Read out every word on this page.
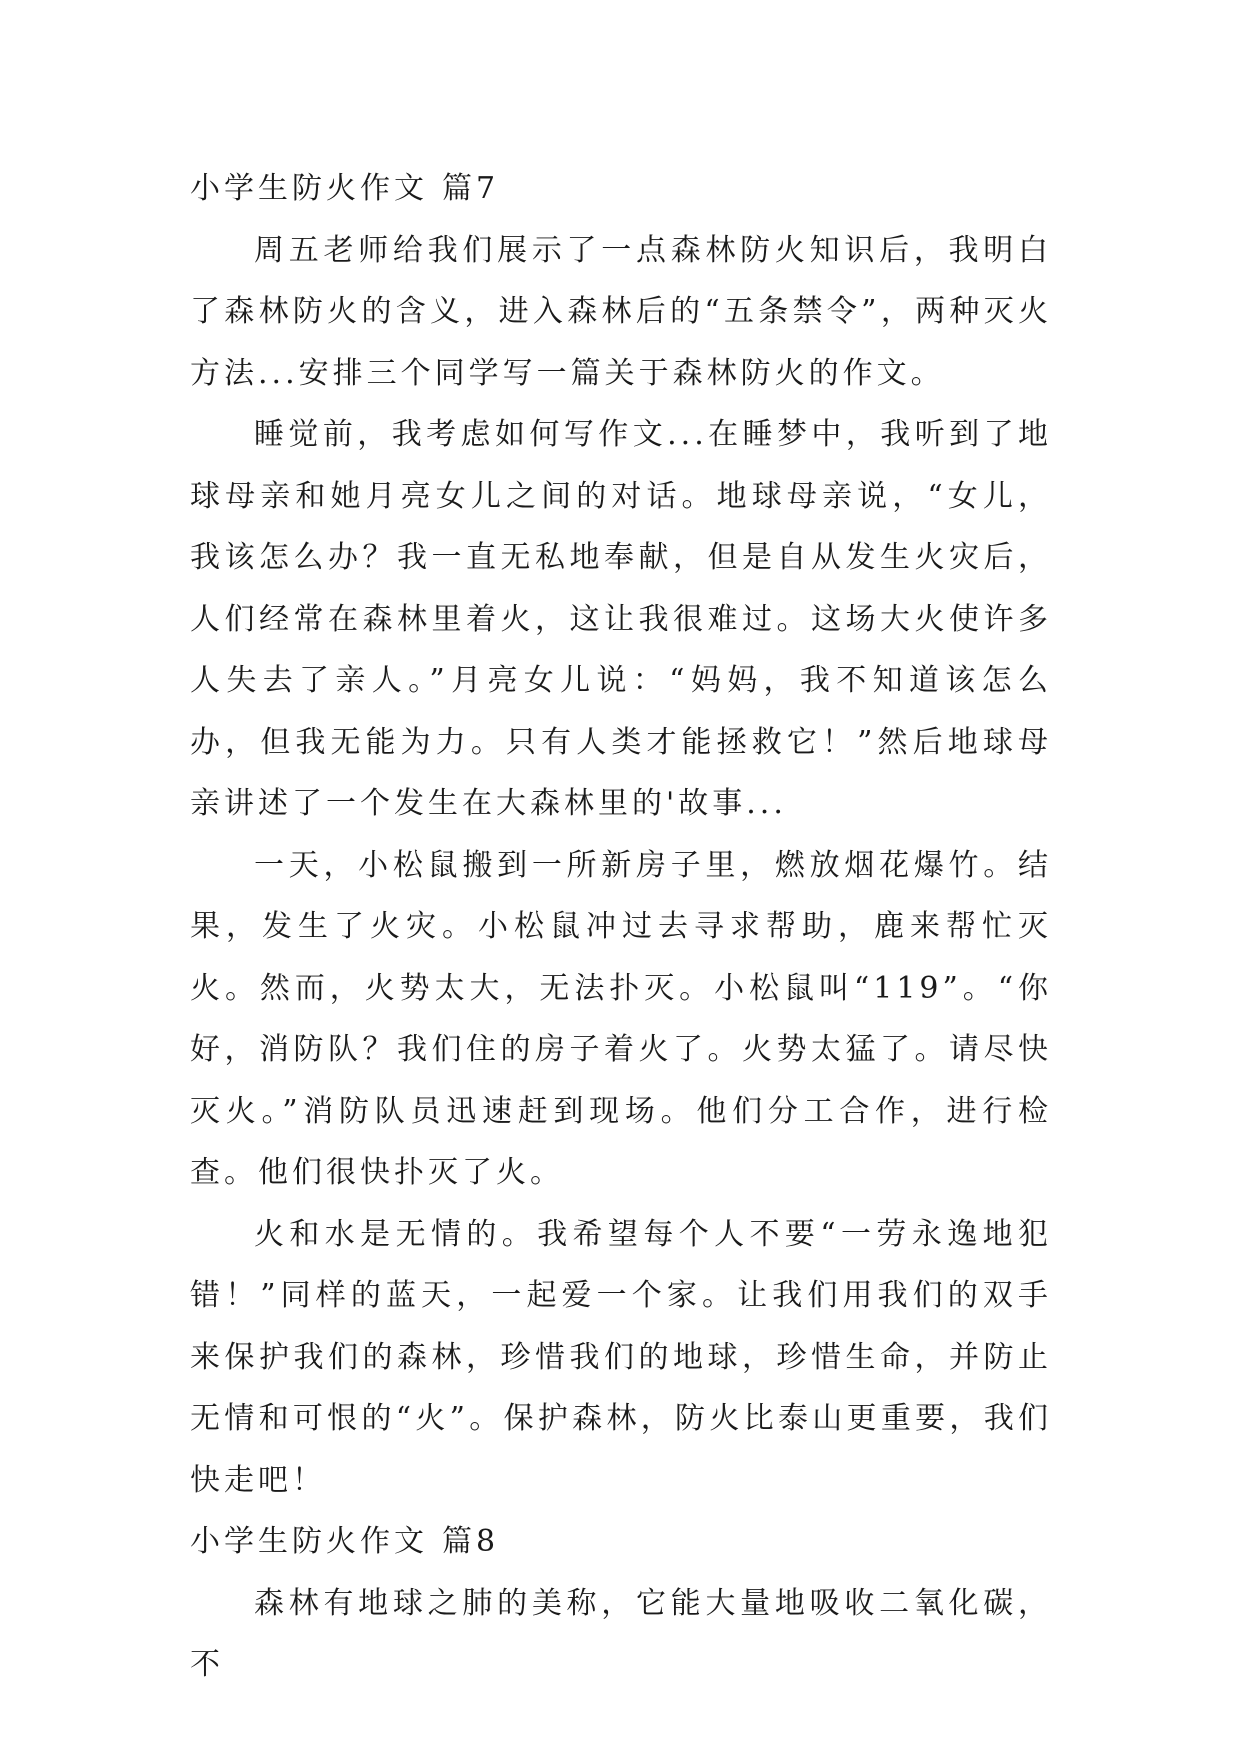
小学生防火作文 篇7

周五老师给我们展示了一点森林防火知识后，我明白了森林防火的含义，进入森林后的“五条禁令”，两种灭火方法...安排三个同学写一篇关于森林防火的作文。

睡觉前，我考虑如何写作文...在睡梦中，我听到了地球母亲和她月亮女儿之间的对话。地球母亲说，“女儿，我该怎么办？我一直无私地奉献，但是自从发生火灾后，人们经常在森林里着火，这让我很难过。这场大火使许多人失去了亲人。”月亮女儿说：“妈妈，我不知道该怎么办，但我无能为力。只有人类才能拯救它！”然后地球母亲讲述了一个发生在大森林里的'故事...

一天，小松鼠搬到一所新房子里，燃放烟花爆竹。结果，发生了火灾。小松鼠冲过去寻求帮助，鹿来帮忙灭火。然而，火势太大，无法扑灭。小松鼠叫“119”。“你好，消防队？我们住的房子着火了。火势太猛了。请尽快灭火。”消防队员迅速赶到现场。他们分工合作，进行检查。他们很快扑灭了火。

火和水是无情的。我希望每个人不要“一劳永逸地犯错！”同样的蓝天，一起爱一个家。让我们用我们的双手来保护我们的森林，珍惜我们的地球，珍惜生命，并防止无情和可恨的“火”。保护森林，防火比泰山更重要，我们快走吧！

小学生防火作文 篇8

森林有地球之肺的美称，它能大量地吸收二氧化碳，不
